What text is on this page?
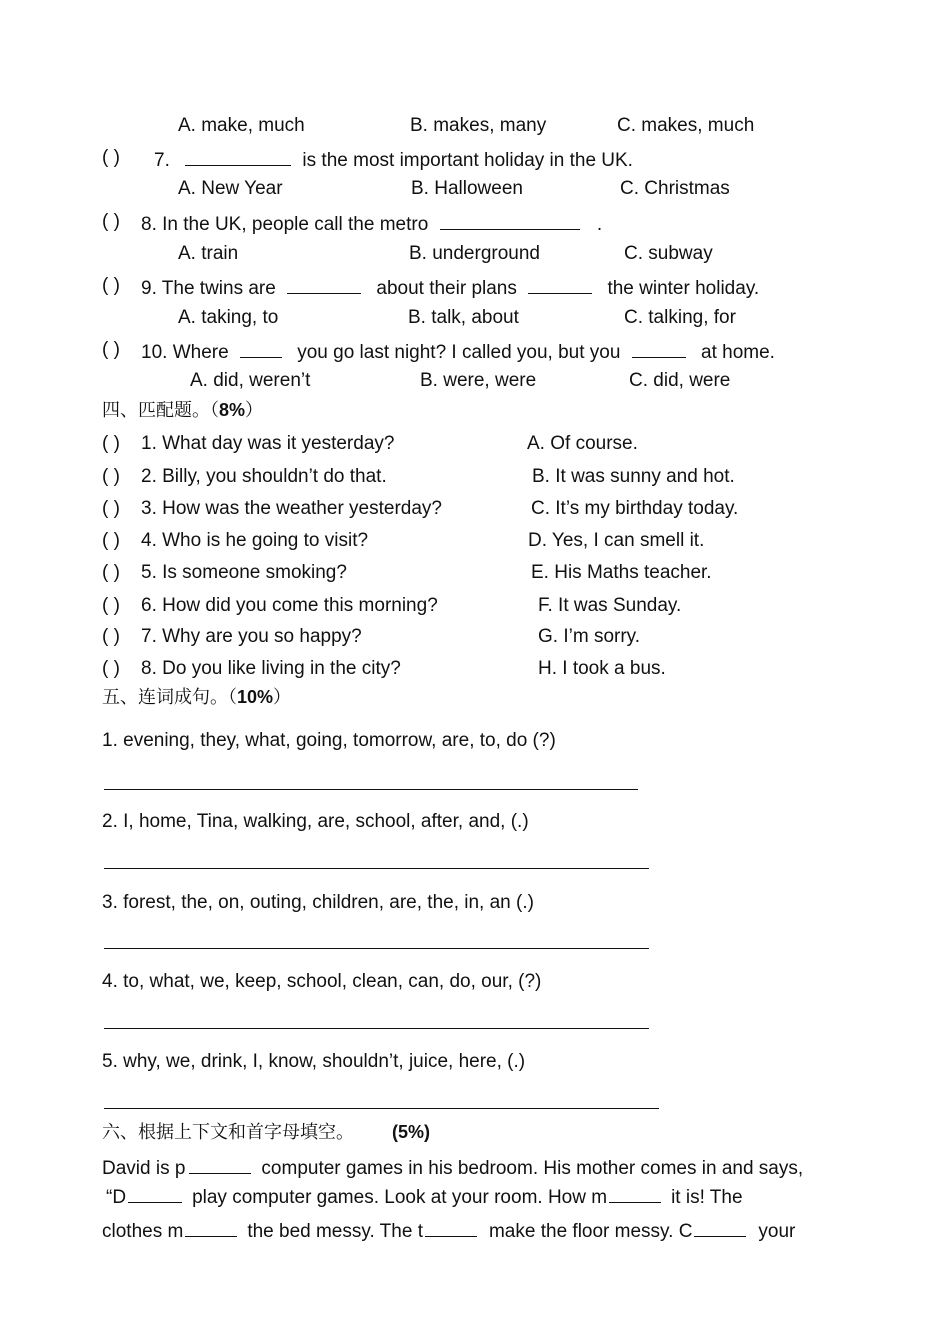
A. make, much	B. makes, many	C. makes, much
( ) 7.	is the most important holiday in the UK.
A. New Year	B. Halloween	C. Christmas
( ) 8. In the UK, people call the metro	.
A. train	B. underground	C. subway
( ) 9. The twins are	about their plans	the winter holiday.
A. taking, to	B. talk, about	C. talking, for
( ) 10. Where	you go last night? I called you, but you	at home.
A. did, weren’t	B. were, were	C. did, were
四、匹配题。（8%）
( ) 1. What day was it yesterday?	A. Of course.
( ) 2. Billy, you shouldn’t do that.	B. It was sunny and hot.
( ) 3. How was the weather yesterday?	C. It’s my birthday today.
( ) 4. Who is he going to visit?	D. Yes, I can smell it.
( ) 5. Is someone smoking?	E. His Maths teacher.
( ) 6. How did you come this morning?	F. It was Sunday.
( ) 7. Why are you so happy?	G. I’m sorry.
( ) 8. Do you like living in the city?	H. I took a bus.
五、连词成句。（10%）
1. evening, they, what, going, tomorrow, are, to, do (?)
2. I, home, Tina, walking, are, school, after, and, (.)
3. forest, the, on, outing, children, are, the, in, an (.)
4. to, what, we, keep, school, clean, can, do, our, (?)
5. why, we, drink, I, know, shouldn’t, juice, here, (.)
六、根据上下文和首字母填空。 (5%)
David is p	computer games in his bedroom. His mother comes in and says,
“D	play computer games. Look at your room. How m	it is! The
clothes m	the bed messy. The t	make the floor messy. C	your
